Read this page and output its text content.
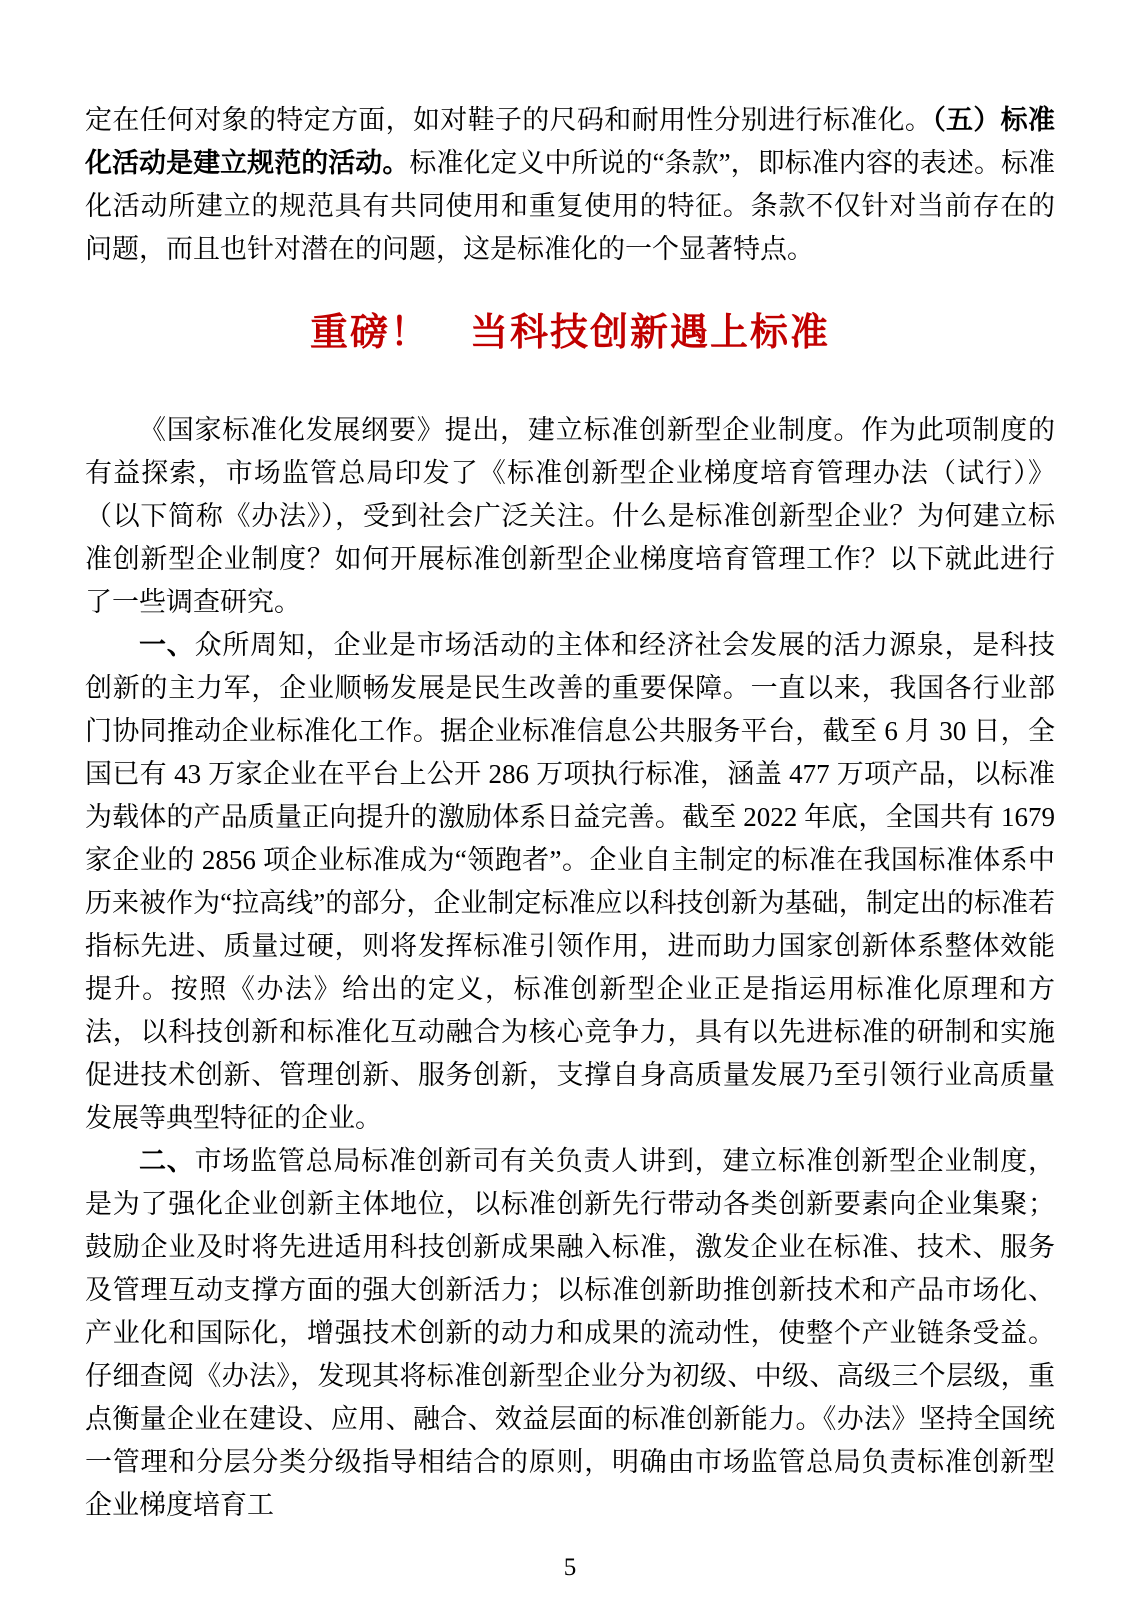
定在任何对象的特定方面，如对鞋子的尺码和耐用性分别进行标准化。（五）标准化活动是建立规范的活动。标准化定义中所说的“条款”，即标准内容的表述。标准化活动所建立的规范具有共同使用和重复使用的特征。条款不仅针对当前存在的问题，而且也针对潜在的问题，这是标准化的一个显著特点。

重磅！　当科技创新遇上标准

《国家标准化发展纲要》提出，建立标准创新型企业制度。作为此项制度的有益探索，市场监管总局印发了《标准创新型企业梯度培育管理办法（试行）》（以下简称《办法》），受到社会广泛关注。什么是标准创新型企业？为何建立标准创新型企业制度？如何开展标准创新型企业梯度培育管理工作？以下就此进行了一些调查研究。

一、众所周知，企业是市场活动的主体和经济社会发展的活力源泉，是科技创新的主力军，企业顺畅发展是民生改善的重要保障。一直以来，我国各行业部门协同推动企业标准化工作。据企业标准信息公共服务平台，截至 6 月 30 日，全国已有 43 万家企业在平台上公开 286 万项执行标准，涵盖 477 万项产品，以标准为载体的产品质量正向提升的激励体系日益完善。截至 2022 年底，全国共有 1679 家企业的 2856 项企业标准成为“领跑者”。企业自主制定的标准在我国标准体系中历来被作为“拉高线”的部分，企业制定标准应以科技创新为基础，制定出的标准若指标先进、质量过硬，则将发挥标准引领作用，进而助力国家创新体系整体效能提升。按照《办法》给出的定义，标准创新型企业正是指运用标准化原理和方法，以科技创新和标准化互动融合为核心竞争力，具有以先进标准的研制和实施促进技术创新、管理创新、服务创新，支撑自身高质量发展乃至引领行业高质量发展等典型特征的企业。

二、市场监管总局标准创新司有关负责人讲到，建立标准创新型企业制度，是为了强化企业创新主体地位，以标准创新先行带动各类创新要素向企业集聚；鼓励企业及时将先进适用科技创新成果融入标准，激发企业在标准、技术、服务及管理互动支撑方面的强大创新活力；以标准创新助推创新技术和产品市场化、产业化和国际化，增强技术创新的动力和成果的流动性，使整个产业链条受益。仔细查阅《办法》，发现其将标准创新型企业分为初级、中级、高级三个层级，重点衡量企业在建设、应用、融合、效益层面的标准创新能力。《办法》坚持全国统一管理和分层分类分级指导相结合的原则，明确由市场监管总局负责标准创新型企业梯度培育工

5
